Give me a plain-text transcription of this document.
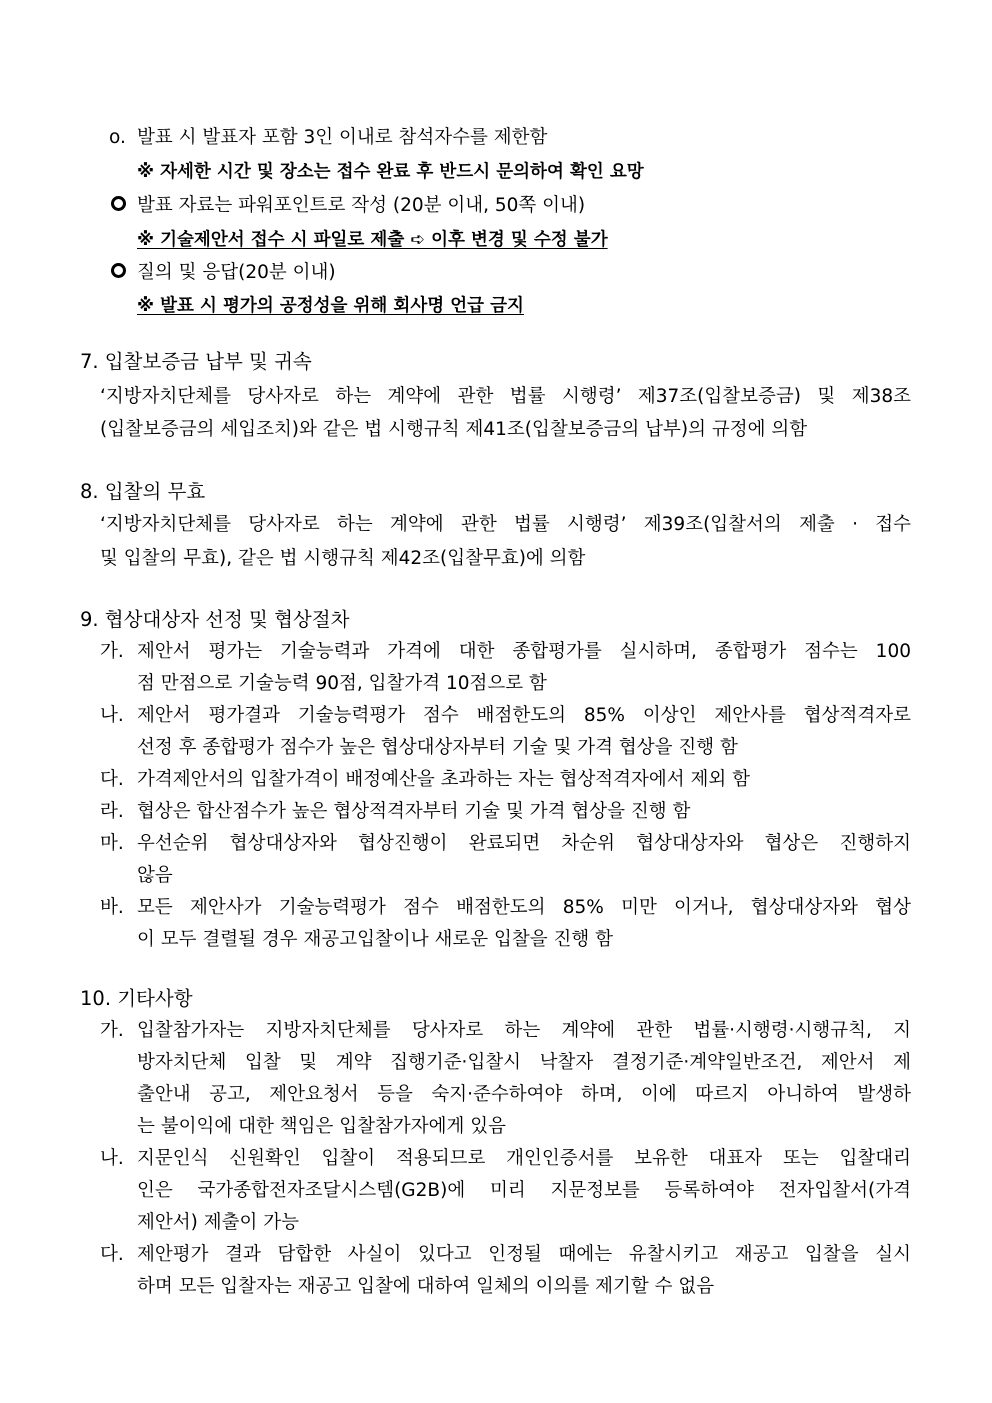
o. 발표 시 발표자 포함 3인 이내로 참석자수를 제한함
※ 자세한 시간 및 장소는 접수 완료 후 반드시 문의하여 확인 요망
발표 자료는 파워포인트로 작성 (20분 이내, 50쪽 이내)
※ 기술제안서 접수 시 파일로 제출 ➪ 이후 변경 및 수정 불가
질의 및 응답(20분 이내)
※ 발표 시 평가의 공정성을 위해 회사명 언급 금지
7. 입찰보증금 납부 및 귀속
‘지방자치단체를 당사자로 하는 계약에 관한 법률 시행령’ 제37조(입찰보증금) 및 제38조
(입찰보증금의 세입조치)와 같은 법 시행규칙 제41조(입찰보증금의 납부)의 규정에 의함
8. 입찰의 무효
‘지방자치단체를 당사자로 하는 계약에 관한 법률 시행령’ 제39조(입찰서의 제출 · 접수
및 입찰의 무효), 같은 법 시행규칙 제42조(입찰무효)에 의함
9. 협상대상자 선정 및 협상절차
가. 제안서 평가는 기술능력과 가격에 대한 종합평가를 실시하며, 종합평가 점수는 100
점 만점으로 기술능력 90점, 입찰가격 10점으로 함
나. 제안서 평가결과 기술능력평가 점수 배점한도의 85% 이상인 제안사를 협상적격자로
선정 후 종합평가 점수가 높은 협상대상자부터 기술 및 가격 협상을 진행 함
다. 가격제안서의 입찰가격이 배정예산을 초과하는 자는 협상적격자에서 제외 함
라. 협상은 합산점수가 높은 협상적격자부터 기술 및 가격 협상을 진행 함
마. 우선순위 협상대상자와 협상진행이 완료되면 차순위 협상대상자와 협상은 진행하지
않음
바. 모든 제안사가 기술능력평가 점수 배점한도의 85% 미만 이거나, 협상대상자와 협상
이 모두 결렬될 경우 재공고입찰이나 새로운 입찰을 진행 함
10. 기타사항
가. 입찰참가자는 지방자치단체를 당사자로 하는 계약에 관한 법률·시행령·시행규칙, 지
방자치단체 입찰 및 계약 집행기준·입찰시 낙찰자 결정기준·계약일반조건, 제안서 제
출안내 공고, 제안요청서 등을 숙지·준수하여야 하며, 이에 따르지 아니하여 발생하
는 불이익에 대한 책임은 입찰참가자에게 있음
나. 지문인식 신원확인 입찰이 적용되므로 개인인증서를 보유한 대표자 또는 입찰대리
인은 국가종합전자조달시스템(G2B)에 미리 지문정보를 등록하여야 전자입찰서(가격
제안서) 제출이 가능
다. 제안평가 결과 담합한 사실이 있다고 인정될 때에는 유찰시키고 재공고 입찰을 실시
하며 모든 입찰자는 재공고 입찰에 대하여 일체의 이의를 제기할 수 없음
